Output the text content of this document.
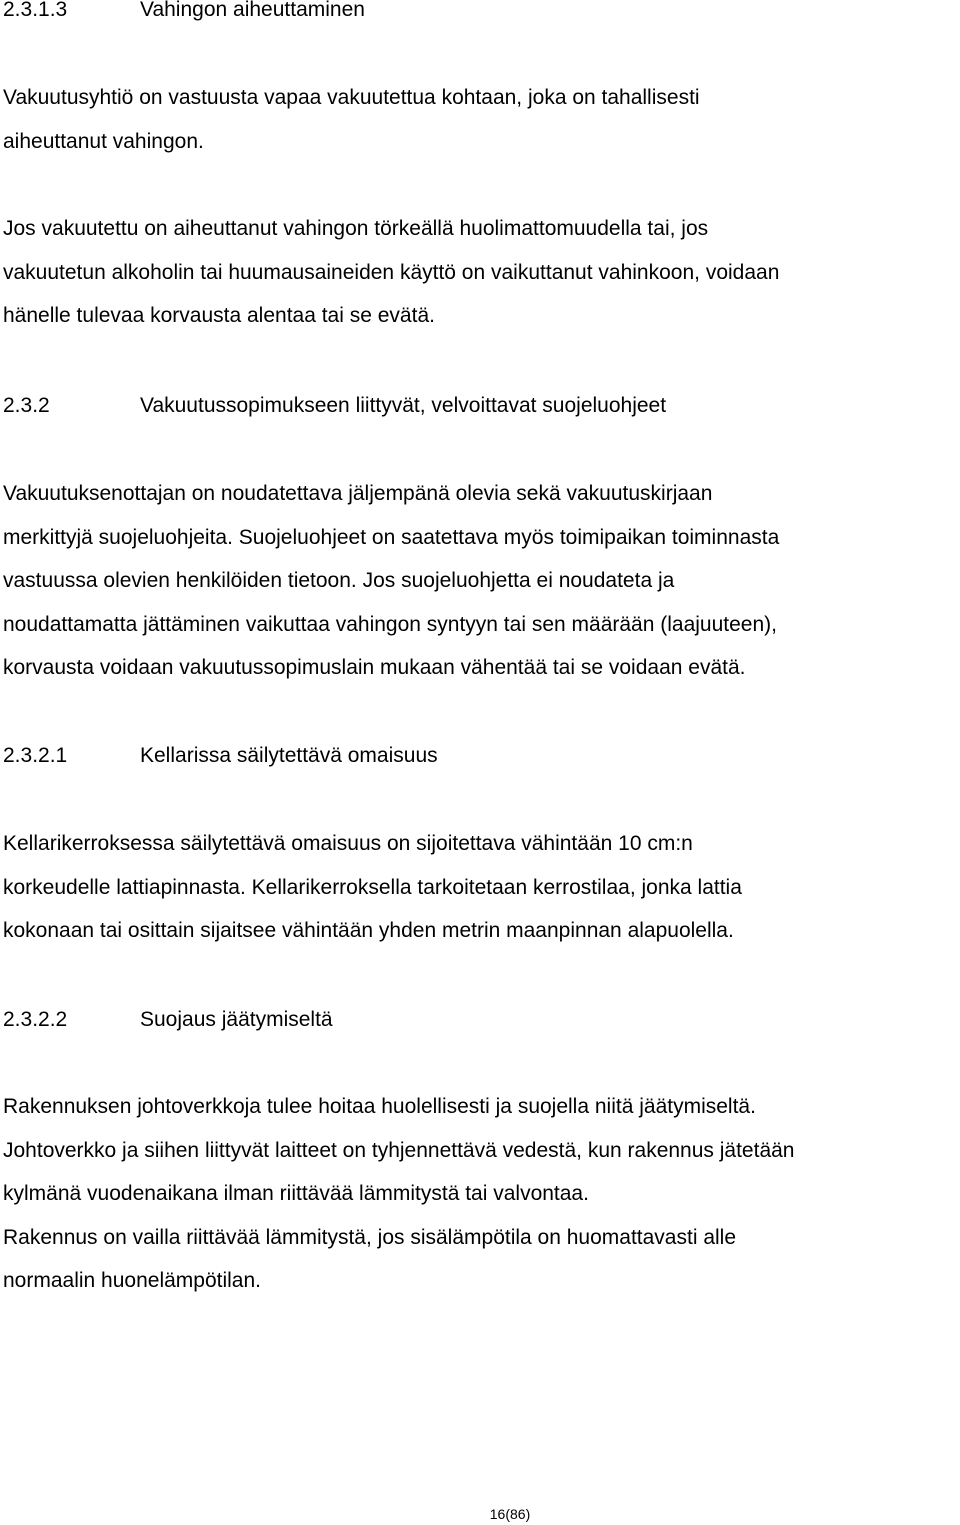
2.3.1.3	Vahingon aiheuttaminen
Vakuutusyhtiö on vastuusta vapaa vakuutettua kohtaan, joka on tahallisesti
aiheuttanut vahingon.
Jos vakuutettu on aiheuttanut vahingon törkeällä huolimattomuudella tai, jos
vakuutetun alkoholin tai huumausaineiden käyttö on vaikuttanut vahinkoon, voidaan
hänelle tulevaa korvausta alentaa tai se evätä.
2.3.2	Vakuutussopimukseen liittyvät, velvoittavat suojeluohjeet
Vakuutuksenottajan on noudatettava jäljempänä olevia sekä vakuutuskirjaan
merkittyjä suojeluohjeita. Suojeluohjeet on saatettava myös toimipaikan toiminnasta
vastuussa olevien henkilöiden tietoon. Jos suojeluohjetta ei noudateta ja
noudattamatta jättäminen vaikuttaa vahingon syntyyn tai sen määrään (laajuuteen),
korvausta voidaan vakuutussopimuslain mukaan vähentää tai se voidaan evätä.
2.3.2.1	Kellarissa säilytettävä omaisuus
Kellarikerroksessa säilytettävä omaisuus on sijoitettava vähintään 10 cm:n
korkeudelle lattiapinnasta. Kellarikerroksella tarkoitetaan kerrostilaa, jonka lattia
kokonaan tai osittain sijaitsee vähintään yhden metrin maanpinnan alapuolella.
2.3.2.2	Suojaus jäätymiseltä
Rakennuksen johtoverkkoja tulee hoitaa huolellisesti ja suojella niitä jäätymiseltä.
Johtoverkko ja siihen liittyvät laitteet on tyhjennettävä vedestä, kun rakennus jätetään
kylmänä vuodenaikana ilman riittävää lämmitystä tai valvontaa.
Rakennus on vailla riittävää lämmitystä, jos sisälämpötila on huomattavasti alle
normaalin huonelämpötilan.
16(86)
